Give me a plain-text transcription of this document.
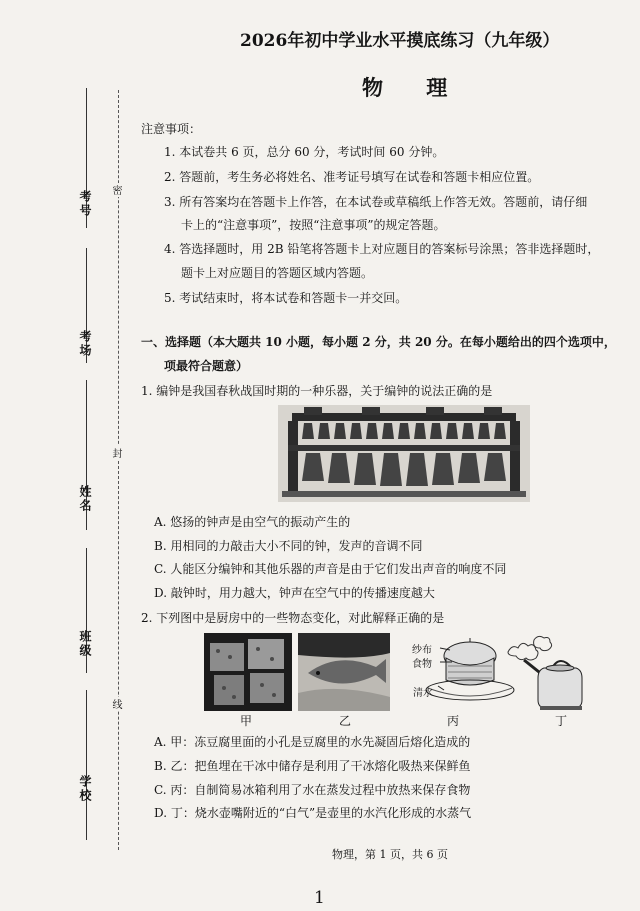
考号
考场
姓名
班级
学校
密
封
线
2026年初中学业水平摸底练习（九年级）
物 理
注意事项：
1. 本试卷共 6 页，总分 60 分，考试时间 60 分钟。
2. 答题前，考生务必将姓名、准考证号填写在试卷和答题卡相应位置。
3. 所有答案均在答题卡上作答，在本试卷或草稿纸上作答无效。答题前，请仔细
卡上的“注意事项”，按照“注意事项”的规定答题。
4. 答选择题时，用 2B 铅笔将答题卡上对应题目的答案标号涂黑；答非选择题时，
题卡上对应题目的答题区域内答题。
5. 考试结束时，将本试卷和答题卡一并交回。
一、选择题（本大题共 10 小题，每小题 2 分，共 20 分。在每小题给出的四个选项中，
项最符合题意）
1. 编钟是我国春秋战国时期的一种乐器，关于编钟的说法正确的是
A. 悠扬的钟声是由空气的振动产生的
B. 用相同的力敲击大小不同的钟，发声的音调不同
C. 人能区分编钟和其他乐器的声音是由于它们发出声音的响度不同
D. 敲钟时，用力越大，钟声在空气中的传播速度越大
2. 下列图中是厨房中的一些物态变化，对此解释正确的是
纱布
食物
清水
甲	乙	丙	丁
A. 甲：冻豆腐里面的小孔是豆腐里的水先凝固后熔化造成的
B. 乙：把鱼埋在干冰中储存是利用了干冰熔化吸热来保鲜鱼
C. 丙：自制简易冰箱利用了水在蒸发过程中放热来保存食物
D. 丁：烧水壶嘴附近的“白气”是壶里的水汽化形成的水蒸气
物理，第 1 页，共 6 页
1
